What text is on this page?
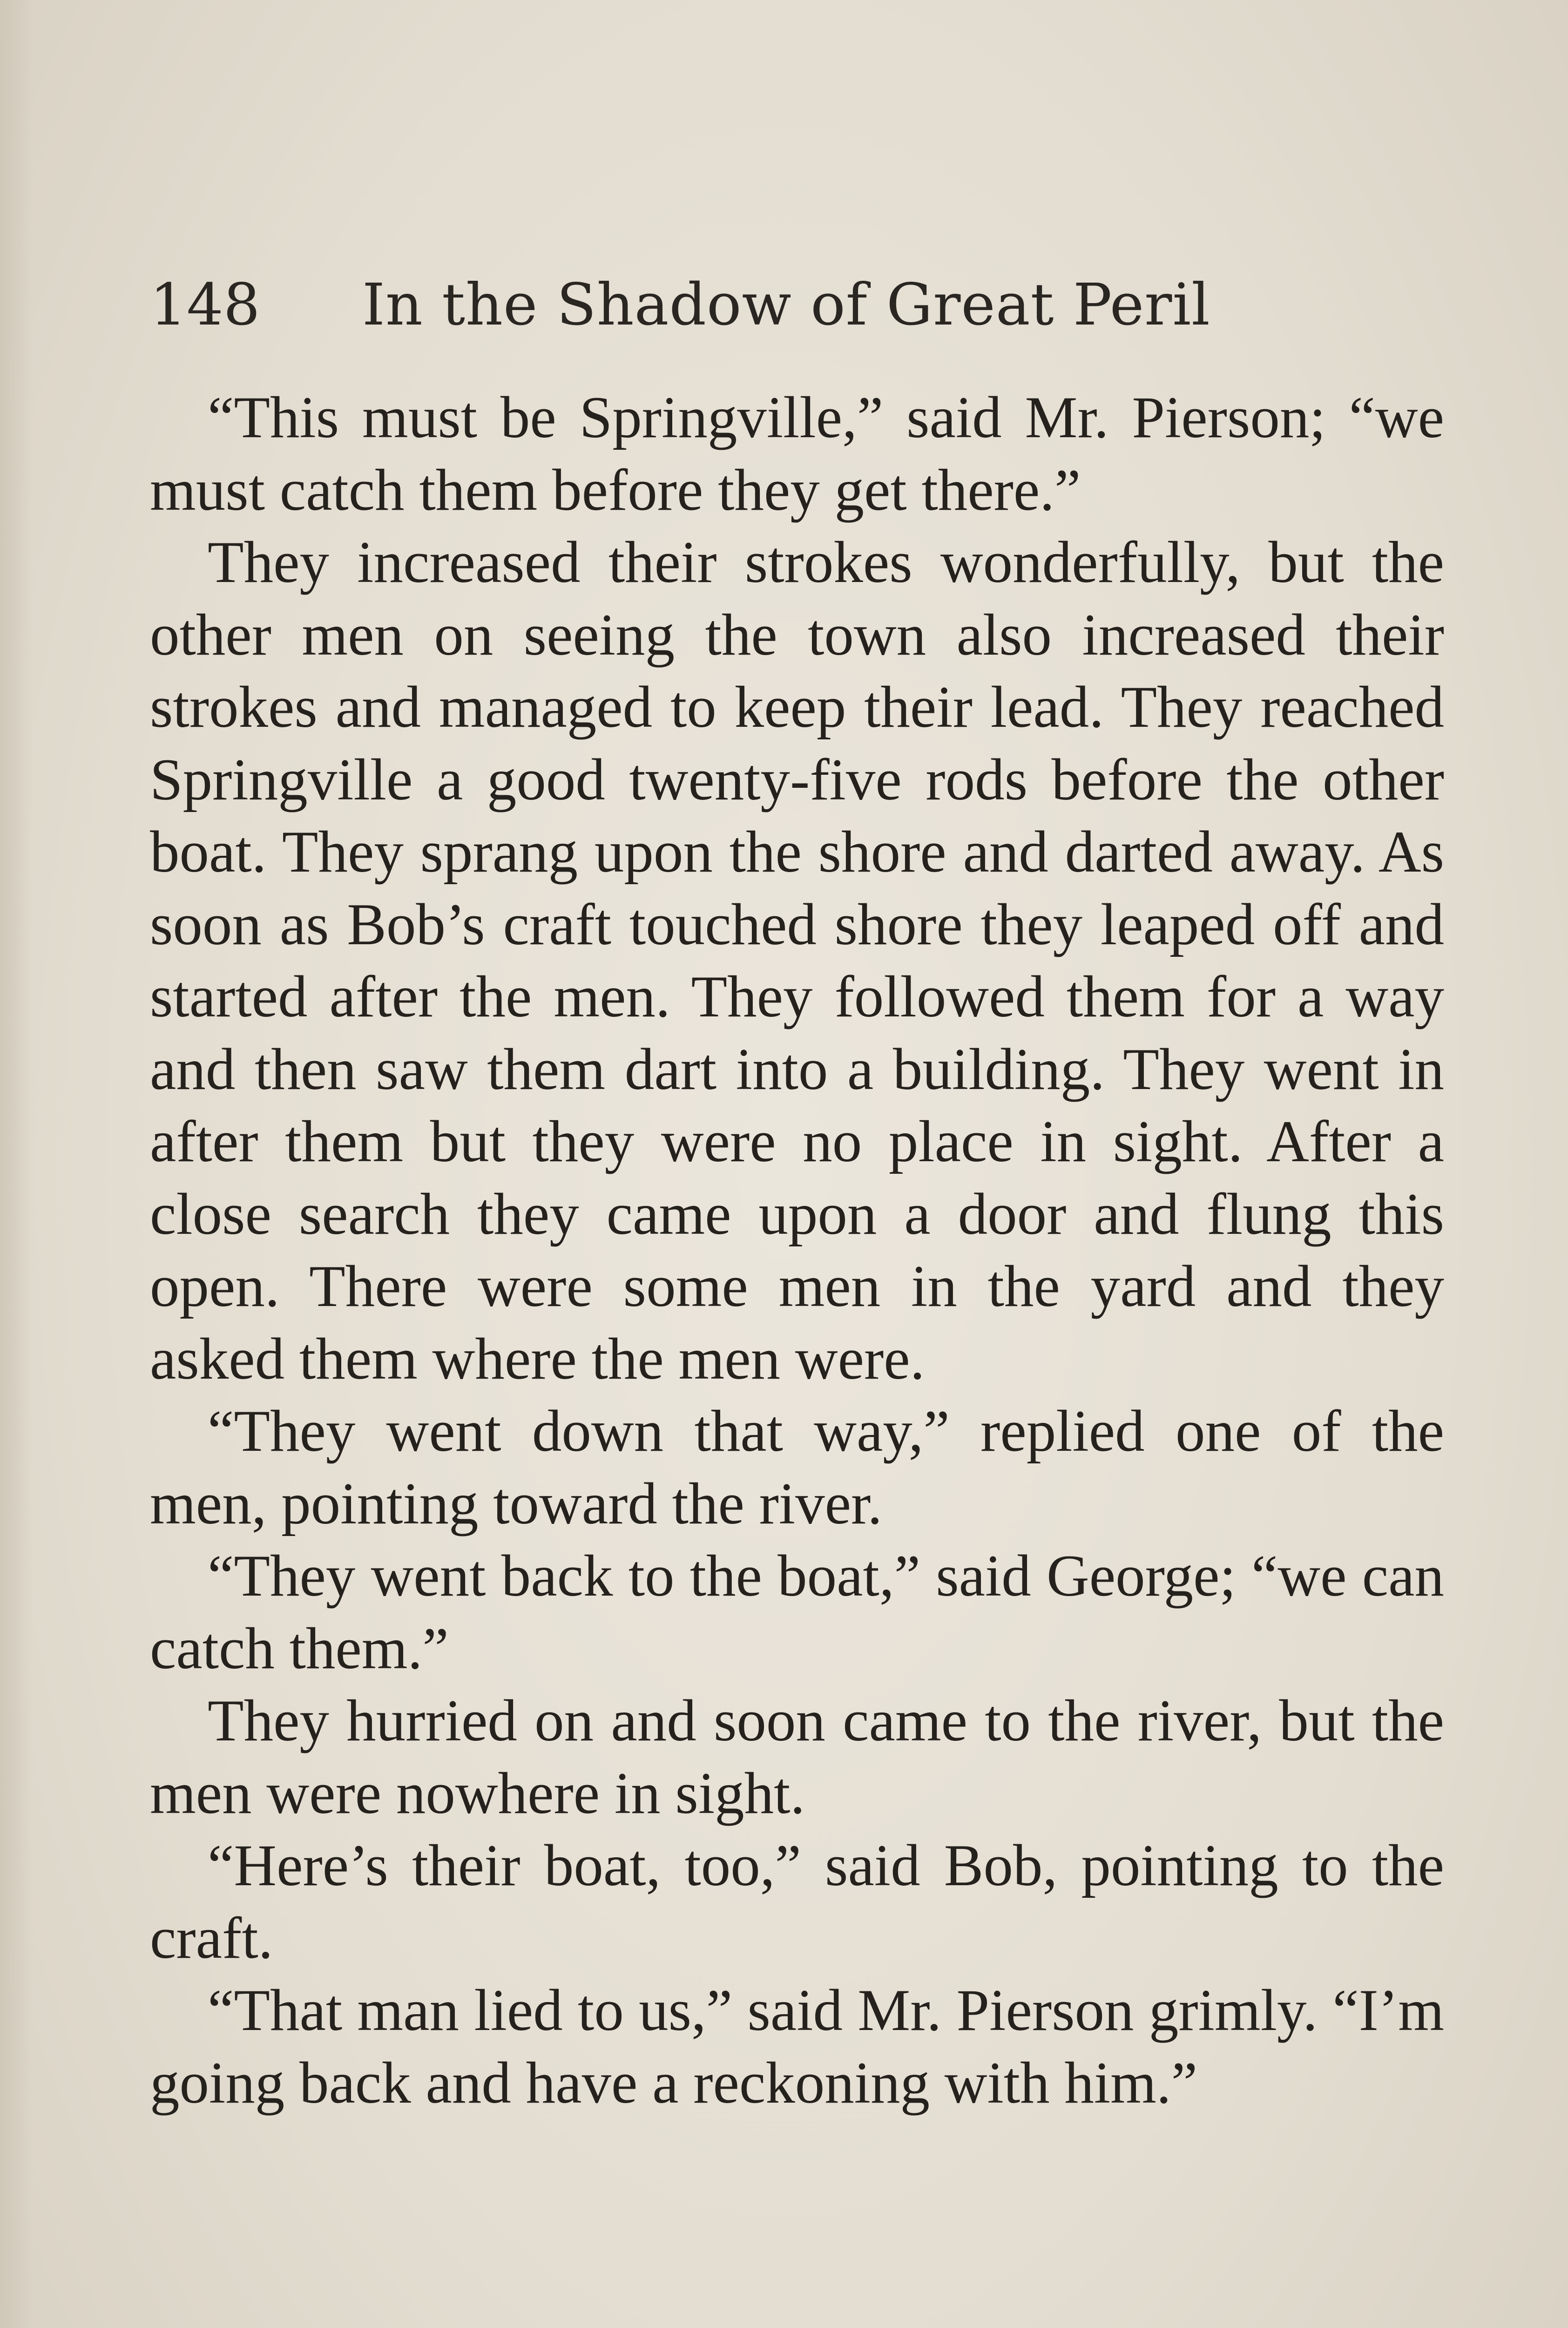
148 In the Shadow of Great Peril

“This must be Springville,” said Mr. Pierson; “we must catch them before they get there.”

They increased their strokes wonderfully, but the other men on seeing the town also increased their strokes and managed to keep their lead. They reached Springville a good twenty-five rods before the other boat. They sprang upon the shore and darted away. As soon as Bob’s craft touched shore they leaped off and started after the men. They followed them for a way and then saw them dart into a building. They went in after them but they were no place in sight. After a close search they came upon a door and flung this open. There were some men in the yard and they asked them where the men were.

“They went down that way,” replied one of the men, pointing toward the river.

“They went back to the boat,” said George; “we can catch them.”

They hurried on and soon came to the river, but the men were nowhere in sight.

“Here’s their boat, too,” said Bob, pointing to the craft.

“That man lied to us,” said Mr. Pierson grimly. “I’m going back and have a reckoning with him.”
